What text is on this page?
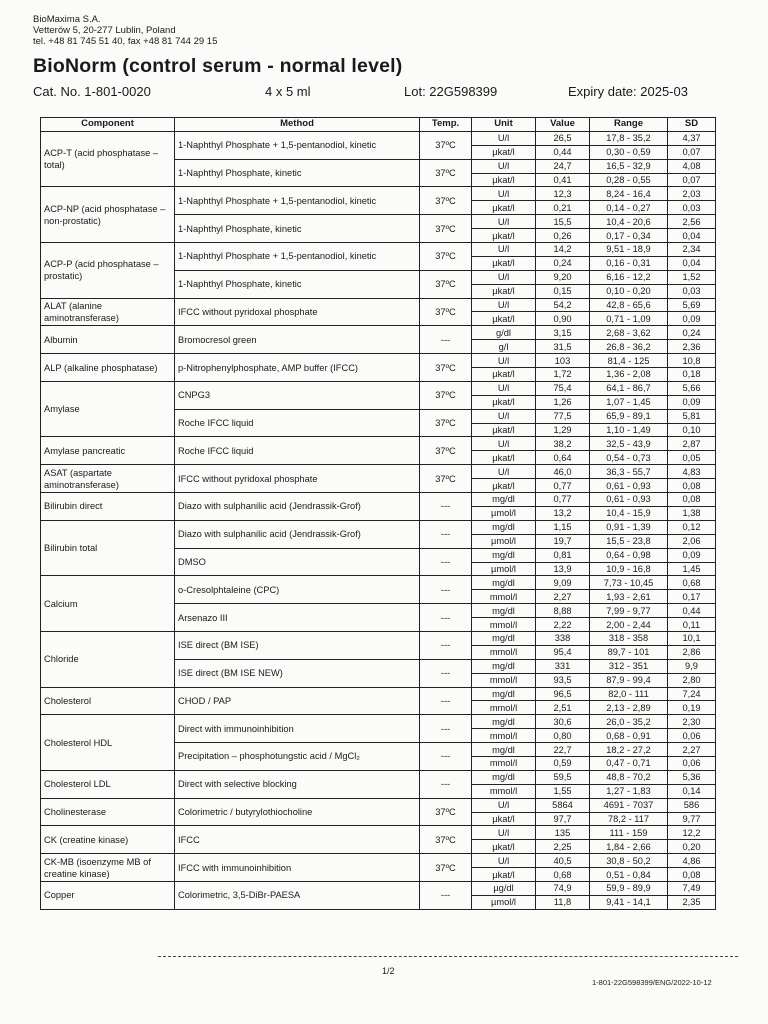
BioMaxima S.A.
Vetterów 5, 20-277 Lublin, Poland
tel. +48 81 745 51 40, fax +48 81 744 29 15
BioNorm (control serum - normal level)
Cat. No. 1-801-0020	4 x 5 ml	Lot: 22G598399	Expiry date: 2025-03
Component	Method	Temp.	Unit	Value	Range	SD
ACP-T (acid phosphatase – total)	1-Naphthyl Phosphate + 1,5-pentanodiol, kinetic	37ºC	U/l	26,5	17,8 - 35,2	4,37
			µkat/l	0,44	0,30 - 0,59	0,07
	1-Naphthyl Phosphate, kinetic	37ºC	U/l	24,7	16,5 - 32,9	4,08
			µkat/l	0,41	0,28 - 0,55	0,07
ACP-NP (acid phosphatase – non-prostatic)	1-Naphthyl Phosphate + 1,5-pentanodiol, kinetic	37ºC	U/l	12,3	8,24 - 16,4	2,03
			µkat/l	0,21	0,14 - 0,27	0,03
	1-Naphthyl Phosphate, kinetic	37ºC	U/l	15,5	10,4 - 20,6	2,56
			µkat/l	0,26	0,17 - 0,34	0,04
ACP-P (acid phosphatase – prostatic)	1-Naphthyl Phosphate + 1,5-pentanodiol, kinetic	37ºC	U/l	14,2	9,51 - 18,9	2,34
			µkat/l	0,24	0,16 - 0,31	0,04
	1-Naphthyl Phosphate, kinetic	37ºC	U/l	9,20	6,16 - 12,2	1,52
			µkat/l	0,15	0,10 - 0,20	0,03
ALAT (alanine aminotransferase)	IFCC without pyridoxal phosphate	37ºC	U/l	54,2	42,8 - 65,6	5,69
			µkat/l	0,90	0,71 - 1,09	0,09
Albumin	Bromocresol green	---	g/dl	3,15	2,68 - 3,62	0,24
			g/l	31,5	26,8 - 36,2	2,36
ALP (alkaline phosphatase)	p-Nitrophenylphosphate, AMP buffer (IFCC)	37ºC	U/l	103	81,4 - 125	10,8
			µkat/l	1,72	1,36 - 2,08	0,18
Amylase	CNPG3	37ºC	U/l	75,4	64,1 - 86,7	5,66
			µkat/l	1,26	1,07 - 1,45	0,09
	Roche IFCC liquid	37ºC	U/l	77,5	65,9 - 89,1	5,81
			µkat/l	1,29	1,10 - 1,49	0,10
Amylase pancreatic	Roche IFCC liquid	37ºC	U/l	38,2	32,5 - 43,9	2,87
			µkat/l	0,64	0,54 - 0,73	0,05
ASAT (aspartate aminotransferase)	IFCC without pyridoxal phosphate	37ºC	U/l	46,0	36,3 - 55,7	4,83
			µkat/l	0,77	0,61 - 0,93	0,08
Bilirubin direct	Diazo with sulphanilic acid (Jendrassik-Grof)	---	mg/dl	0,77	0,61 - 0,93	0,08
			µmol/l	13,2	10,4 - 15,9	1,38
Bilirubin total	Diazo with sulphanilic acid (Jendrassik-Grof)	---	mg/dl	1,15	0,91 - 1,39	0,12
			µmol/l	19,7	15,5 - 23,8	2,06
	DMSO	---	mg/dl	0,81	0,64 - 0,98	0,09
			µmol/l	13,9	10,9 - 16,8	1,45
Calcium	o-Cresolphtaleine (CPC)	---	mg/dl	9,09	7,73 - 10,45	0,68
			mmol/l	2,27	1,93 - 2,61	0,17
	Arsenazo III	---	mg/dl	8,88	7,99 - 9,77	0,44
			mmol/l	2,22	2,00 - 2,44	0,11
Chloride	ISE direct (BM ISE)	---	mg/dl	338	318 - 358	10,1
			mmol/l	95,4	89,7 - 101	2,86
	ISE direct (BM ISE NEW)	---	mg/dl	331	312 - 351	9,9
			mmol/l	93,5	87,9 - 99,4	2,80
Cholesterol	CHOD / PAP	---	mg/dl	96,5	82,0 - 111	7,24
			mmol/l	2,51	2,13 - 2,89	0,19
Cholesterol HDL	Direct with immunoinhibition	---	mg/dl	30,6	26,0 - 35,2	2,30
			mmol/l	0,80	0,68 - 0,91	0,06
	Precipitation – phosphotungstic acid / MgCl₂	---	mg/dl	22,7	18,2 - 27,2	2,27
			mmol/l	0,59	0,47 - 0,71	0,06
Cholesterol LDL	Direct with selective blocking	---	mg/dl	59,5	48,8 - 70,2	5,36
			mmol/l	1,55	1,27 - 1,83	0,14
Cholinesterase	Colorimetric / butyrylothiocholine	37ºC	U/l	5864	4691 - 7037	586
			µkat/l	97,7	78,2 - 117	9,77
CK (creatine kinase)	IFCC	37ºC	U/l	135	111 - 159	12,2
			µkat/l	2,25	1,84 - 2,66	0,20
CK-MB (isoenzyme MB of creatine kinase)	IFCC with immunoinhibition	37ºC	U/l	40,5	30,8 - 50,2	4,86
			µkat/l	0,68	0,51 - 0,84	0,08
Copper	Colorimetric, 3,5-DiBr-PAESA	---	µg/dl	74,9	59,9 - 89,9	7,49
			µmol/l	11,8	9,41 - 14,1	2,35
1/2
1-801-22G598399/ENG/2022-10-12
